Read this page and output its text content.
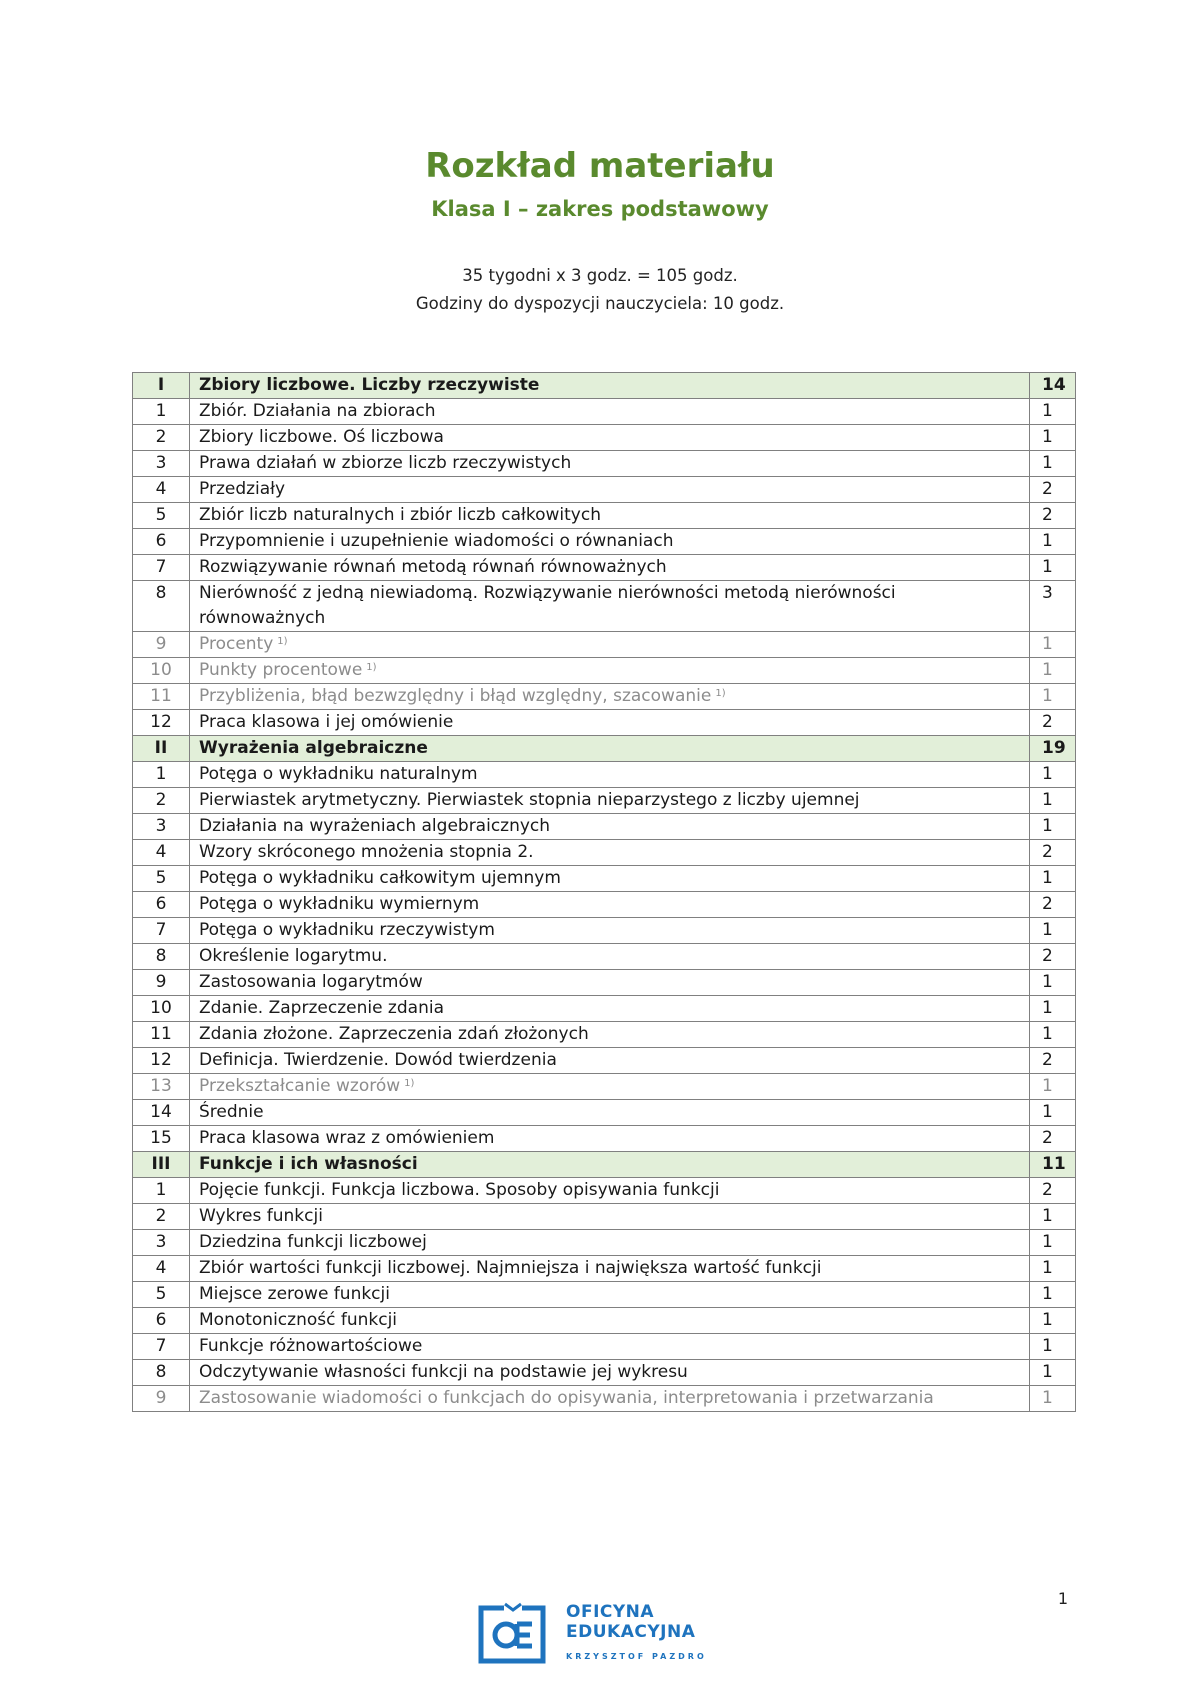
Rozkład materiału
Klasa I – zakres podstawowy
35 tygodni x 3 godz. = 105 godz.
Godziny do dyspozycji nauczyciela: 10 godz.
I	Zbiory liczbowe. Liczby rzeczywiste	14
1	Zbiór. Działania na zbiorach	1
2	Zbiory liczbowe. Oś liczbowa	1
3	Prawa działań w zbiorze liczb rzeczywistych	1
4	Przedziały	2
5	Zbiór liczb naturalnych i zbiór liczb całkowitych	2
6	Przypomnienie i uzupełnienie wiadomości o równaniach	1
7	Rozwiązywanie równań metodą równań równoważnych	1
8	Nierówność z jedną niewiadomą. Rozwiązywanie nierówności metodą nierówności równoważnych	3
9	Procenty $^{1)}$	1
10	Punkty procentowe $^{1)}$	1
11	Przybliżenia, błąd bezwzględny i błąd względny, szacowanie $^{1)}$	1
12	Praca klasowa i jej omówienie	2
II	Wyrażenia algebraiczne	19
1	Potęga o wykładniku naturalnym	1
2	Pierwiastek arytmetyczny. Pierwiastek stopnia nieparzystego z liczby ujemnej	1
3	Działania na wyrażeniach algebraicznych	1
4	Wzory skróconego mnożenia stopnia 2.	2
5	Potęga o wykładniku całkowitym ujemnym	1
6	Potęga o wykładniku wymiernym	2
7	Potęga o wykładniku rzeczywistym	1
8	Określenie logarytmu.	2
9	Zastosowania logarytmów	1
10	Zdanie. Zaprzeczenie zdania	1
11	Zdania złożone. Zaprzeczenia zdań złożonych	1
12	Definicja. Twierdzenie. Dowód twierdzenia	2
13	Przekształcanie wzorów $^{1)}$	1
14	Średnie	1
15	Praca klasowa wraz z omówieniem	2
III	Funkcje i ich własności	11
1	Pojęcie funkcji. Funkcja liczbowa. Sposoby opisywania funkcji	2
2	Wykres funkcji	1
3	Dziedzina funkcji liczbowej	1
4	Zbiór wartości funkcji liczbowej. Najmniejsza i największa wartość funkcji	1
5	Miejsce zerowe funkcji	1
6	Monotoniczność funkcji	1
7	Funkcje różnowartościowe	1
8	Odczytywanie własności funkcji na podstawie jej wykresu	1
9	Zastosowanie wiadomości o funkcjach do opisywania, interpretowania i przetwarzania	1
1
OFICYNA
EDUKACYJNA
KRZYSZTOF PAZDRO
